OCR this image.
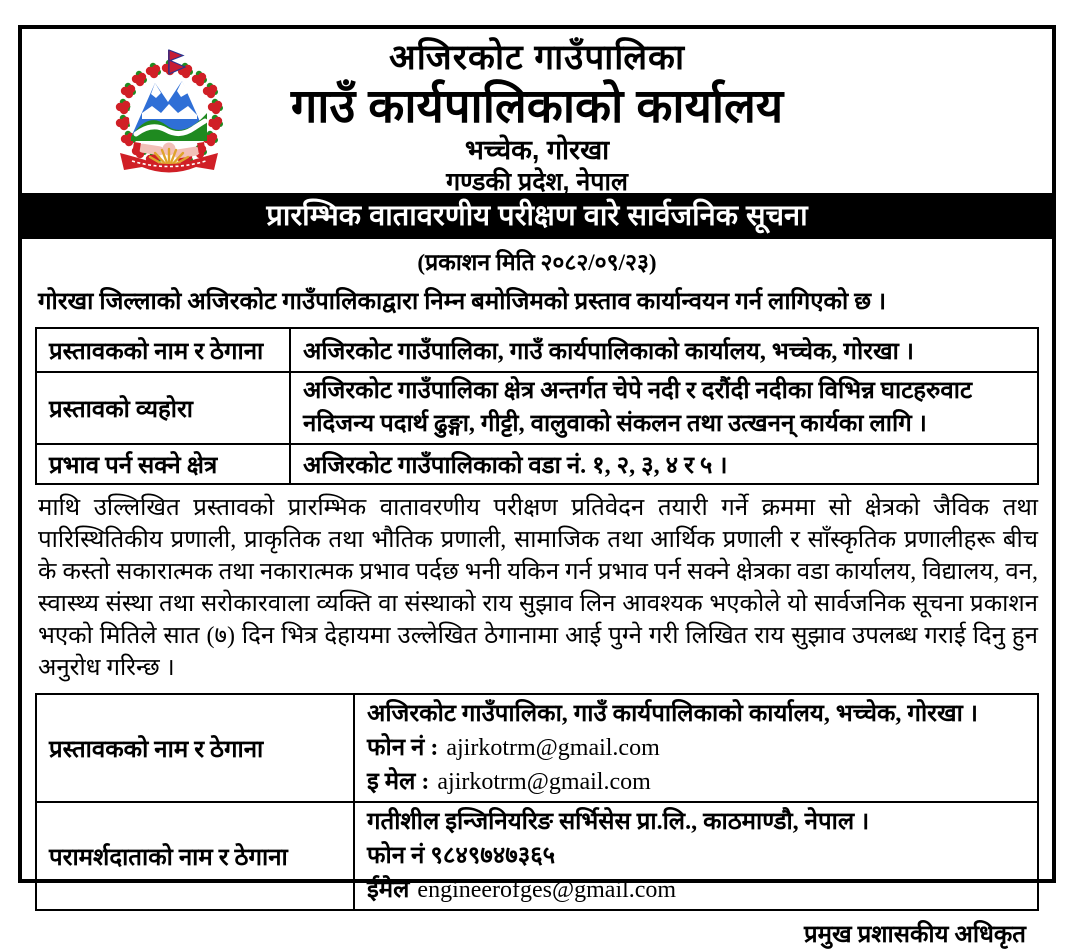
अजिरकोट गाउँपालिका
गाउँ कार्यपालिकाको कार्यालय
भच्चेक, गोरखा
गण्डकी प्रदेश, नेपाल
प्रारम्भिक वातावरणीय परीक्षण वारे सार्वजनिक सूचना
(प्रकाशन मिति २०८२/०९/२३)
गोरखा जिल्लाको अजिरकोट गाउँपालिकाद्वारा निम्न बमोजिमको प्रस्ताव कार्यान्वयन गर्न लागिएको छ ।
प्रस्तावकको नाम र ठेगाना	अजिरकोट गाउँपालिका, गाउँ कार्यपालिकाको कार्यालय, भच्चेक, गोरखा ।
प्रस्तावको व्यहोरा	अजिरकोट गाउँपालिका क्षेत्र अन्तर्गत चेपे नदी र दरौंदी नदीका विभिन्न घाटहरुवाट नदिजन्य पदार्थ ढुङ्गा, गीट्टी, वालुवाको संकलन तथा उत्खनन् कार्यका लागि ।
प्रभाव पर्न सक्ने क्षेत्र	अजिरकोट गाउँपालिकाको वडा नं. १, २, ३, ४ र ५ ।
माथि उल्लिखित प्रस्तावको प्रारम्भिक वातावरणीय परीक्षण प्रतिवेदन तयारी गर्ने क्रममा सो क्षेत्रको जैविक तथा पारिस्थितिकीय प्रणाली, प्राकृतिक तथा भौतिक प्रणाली, सामाजिक तथा आर्थिक प्रणाली र साँस्कृतिक प्रणालीहरू बीच के कस्तो सकारात्मक तथा नकारात्मक प्रभाव पर्दछ भनी यकिन गर्न प्रभाव पर्न सक्ने क्षेत्रका वडा कार्यालय, विद्यालय, वन, स्वास्थ्य संस्था तथा सरोकारवाला व्यक्ति वा संस्थाको राय सुझाव लिन आवश्यक भएकोले यो सार्वजनिक सूचना प्रकाशन भएको मितिले सात (७) दिन भित्र देहायमा उल्लेखित ठेगानामा आई पुग्ने गरी लिखित राय सुझाव उपलब्ध गराई दिनु हुन अनुरोध गरिन्छ ।
प्रस्तावकको नाम र ठेगाना	अजिरकोट गाउँपालिका, गाउँ कार्यपालिकाको कार्यालय, भच्चेक, गोरखा ।
फोन नं : ajirkotrm@gmail.com
इ मेल : ajirkotrm@gmail.com

परामर्शदाताको नाम र ठेगाना	गतीशील इन्जिनियरिङ सर्भिसेस प्रा.लि., काठमाण्डौ, नेपाल ।
फोन नं ९८४९७४७३६५
ईमेल engineerofges@gmail.com
प्रमुख प्रशासकीय अधिकृत
